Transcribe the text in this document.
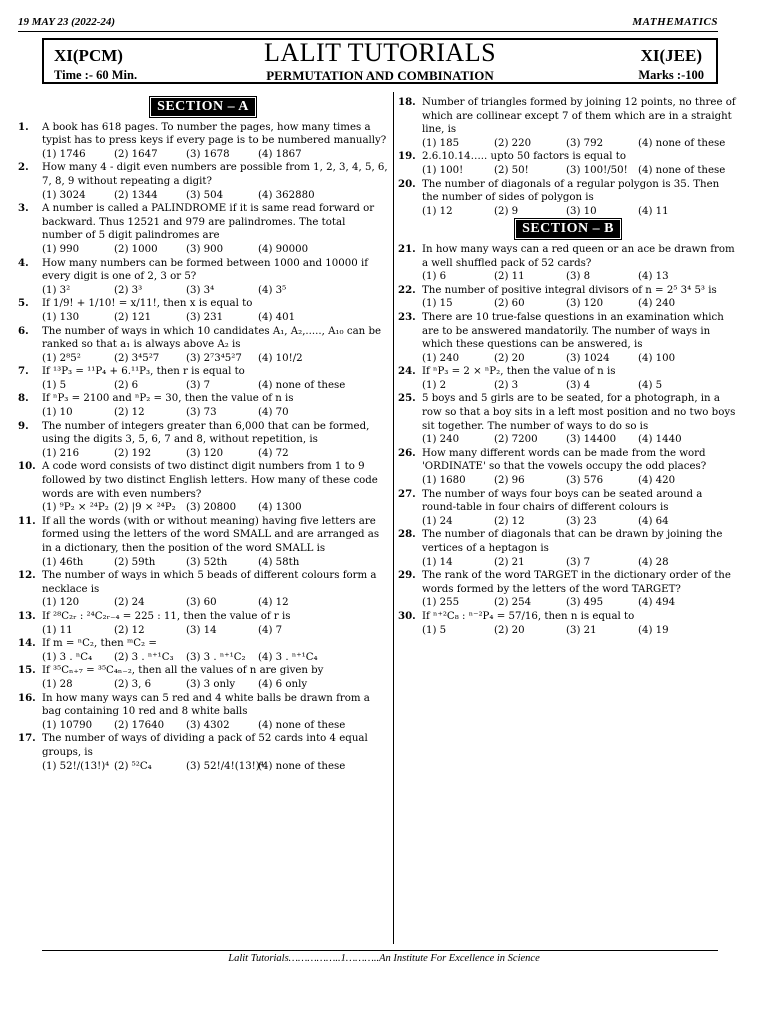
19 MAY 23 (2022-24)	MATHEMATICS
XI(PCM)	LALIT TUTORIALS	XI(JEE)
Time :- 60 Min.	PERMUTATION AND COMBINATION	Marks :-100
SECTION – A
1. A book has 618 pages. To number the pages, how many times a typist has to press keys if every page is to be numbered manually?
(1) 1746	(2) 1647	(3) 1678	(4) 1867
2. How many 4 - digit even numbers are possible from 1, 2, 3, 4, 5, 6, 7, 8, 9 without repeating a digit?
(1) 3024	(2) 1344	(3) 504	(4) 362880
3. A number is called a PALINDROME if it is same read forward or backward. Thus 12521 and 979 are palindromes. The total number of 5 digit palindromes are
(1) 990	(2) 1000	(3) 900	(4) 90000
4. How many numbers can be formed between 1000 and 10000 if every digit is one of 2, 3 or 5?
(1) 3²	(2) 3³	(3) 3⁴	(4) 3⁵
5. If 1/9! + 1/10! = x/11!, then x is equal to
(1) 130	(2) 121	(3) 231	(4) 401
6. The number of ways in which 10 candidates A₁, A₂,....., A₁₀ can be ranked so that a₁ is always above A₂ is
(1) 2⁸5²	(2) 3⁴5²7	(3) 2⁷3⁴5²7	(4) 10!/2
7. If ¹³P₃ = ¹¹P₄ + 6.¹¹P₃, then r is equal to
(1) 5	(2) 6	(3) 7	(4) none of these
8. If ⁿP₃ = 2100 and ⁿP₂ = 30, then the value of n is
(1) 10	(2) 12	(3) 73	(4) 70
9. The number of integers greater than 6,000 that can be formed, using the digits 3, 5, 6, 7 and 8, without repetition, is
(1) 216	(2) 192	(3) 120	(4) 72
10. A code word consists of two distinct digit numbers from 1 to 9 followed by two distinct English letters. How many of these code words are with even numbers?
(1) ⁹P₂ × ²⁴P₂ (2) |9 × ²⁴P₂	(3) 20800	(4) 1300
11. If all the words (with or without meaning) having five letters are formed using the letters of the word SMALL and are arranged as in a dictionary, then the position of the word SMALL is
(1) 46th	(2) 59th	(3) 52th	(4) 58th
12. The number of ways in which 5 beads of different colours form a necklace is
(1) 120	(2) 24	(3) 60	(4) 12
13. If ²⁸C₂ᵣ : ²⁴C₂ᵣ₋₄ = 225 : 11, then the value of r is
(1) 11	(2) 12	(3) 14	(4) 7
14. If m = ⁿC₂, then ᵐC₂ =
(1) 3 . ⁿC₄	(2) 3 . ⁿ⁺¹C₃	(3) 3 . ⁿ⁺¹C₂	(4) 3 . ⁿ⁺¹C₄
15. If ³⁵Cₙ₊₇ = ³⁵C₄ₙ₋₂, then all the values of n are given by
(1) 28	(2) 3, 6	(3) 3 only	(4) 6 only
16. In how many ways can 5 red and 4 white balls be drawn from a bag containing 10 red and 8 white balls
(1) 10790	(2) 17640	(3) 4302	(4) none of these
17. The number of ways of dividing a pack of 52 cards into 4 equal groups, is
(1) 52!/(13!)⁴ (2) ⁵²C₄	(3) 52!/4!(13!)⁴
(4) none of these
18. Number of triangles formed by joining 12 points, no three of which are collinear except 7 of them which are in a straight line, is
(1) 185	(2) 220	(3) 792	(4) none of these
19. 2.6.10.14….. upto 50 factors is equal to
(1) 100!	(2) 50!	(3) 100!/50!	(4) none of these
20. The number of diagonals of a regular polygon is 35. Then the number of sides of polygon is
(1) 12	(2) 9	(3) 10	(4) 11
SECTION – B
21. In how many ways can a red queen or an ace be drawn from a well shuffled pack of 52 cards?
(1) 6	(2) 11	(3) 8	(4) 13
22. The number of positive integral divisors of n = 2⁵ 3⁴ 5³ is
(1) 15	(2) 60	(3) 120	(4) 240
23. There are 10 true-false questions in an examination which are to be answered mandatorily. The number of ways in which these questions can be answered, is
(1) 240	(2) 20	(3) 1024	(4) 100
24. If ⁿP₃ = 2 × ⁿP₂, then the value of n is
(1) 2	(2) 3	(3) 4	(4) 5
25. 5 boys and 5 girls are to be seated, for a photograph, in a row so that a boy sits in a left most position and no two boys sit together. The number of ways to do so is
(1) 240	(2) 7200	(3) 14400	(4) 1440
26. How many different words can be made from the word 'ORDINATE' so that the vowels occupy the odd places?
(1) 1680	(2) 96	(3) 576	(4) 420
27. The number of ways four boys can be seated around a round-table in four chairs of different colours is
(1) 24	(2) 12	(3) 23	(4) 64
28. The number of diagonals that can be drawn by joining the vertices of a heptagon is
(1) 14	(2) 21	(3) 7	(4) 28
29. The rank of the word TARGET in the dictionary order of the words formed by the letters of the word TARGET?
(1) 255	(2) 254	(3) 495	(4) 494
30. If ⁿ⁺²C₈ : ⁿ⁻²P₄ = 57/16, then n is equal to
(1) 5	(2) 20	(3) 21	(4) 19
Lalit Tutorials……………..1………..An Institute For Excellence in Science
